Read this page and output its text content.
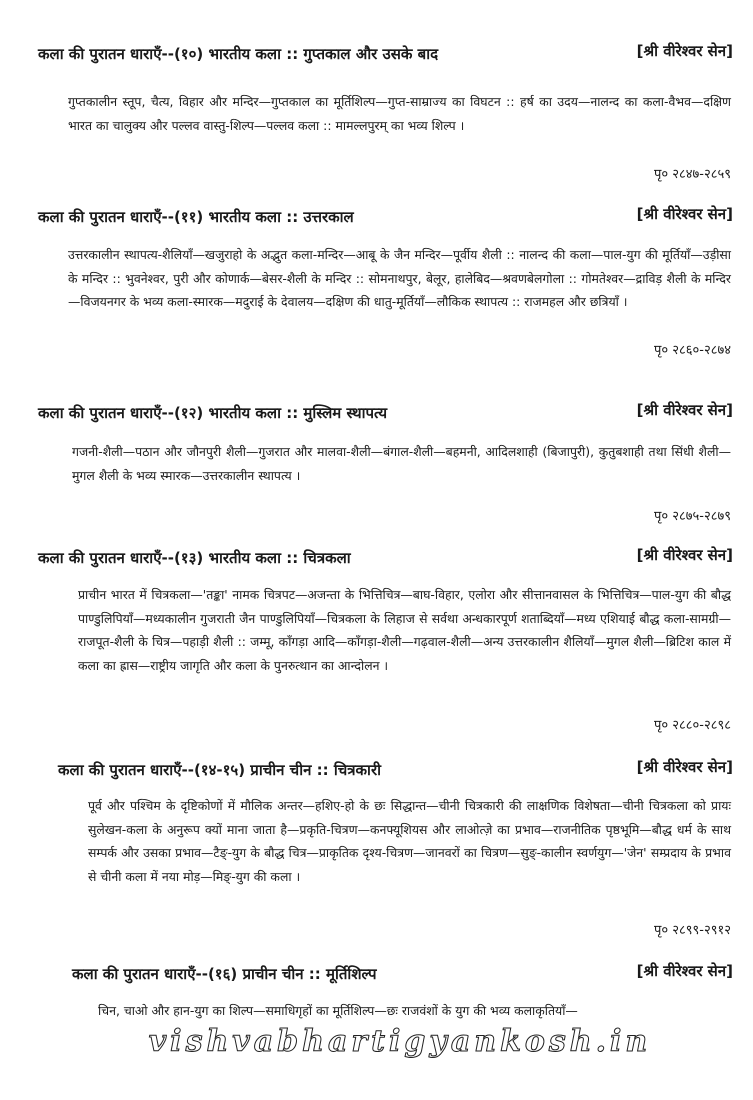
कला की पुरातन धाराएँ--(१०) भारतीय कला :: गुप्तकाल और उसके बाद	[श्री वीरेश्वर सेन]
गुप्तकालीन स्तूप, चैत्य, विहार और मन्दिर—गुप्तकाल का मूर्तिशिल्प—गुप्त-साम्राज्य का विघटन :: हर्ष का उदय—नालन्द का कला-वैभव—दक्षिण भारत का चालुक्य और पल्लव वास्तु-शिल्प—पल्लव कला :: मामल्लपुरम् का भव्य शिल्प ।
पृ० २८४७-२८५९
कला की पुरातन धाराएँ--(११) भारतीय कला :: उत्तरकाल	[श्री वीरेश्वर सेन]
उत्तरकालीन स्थापत्य-शैलियाँ—खजुराहो के अद्भुत कला-मन्दिर—आबू के जैन मन्दिर—पूर्वीय शैली :: नालन्द की कला—पाल-युग की मूर्तियाँ—उड़ीसा के मन्दिर :: भुवनेश्वर, पुरी और कोणार्क—बेसर-शैली के मन्दिर :: सोमनाथपुर, बेलूर, हालेबिद—श्रवणबेलगोला :: गोमतेश्वर—द्राविड़ शैली के मन्दिर—विजयनगर के भव्य कला-स्मारक—मदुराई के देवालय—दक्षिण की धातु-मूर्तियाँ—लौकिक स्थापत्य :: राजमहल और छत्रियाँ ।
पृ० २८६०-२८७४
कला की पुरातन धाराएँ--(१२) भारतीय कला :: मुस्लिम स्थापत्य	[श्री वीरेश्वर सेन]
गजनी-शैली—पठान और जौनपुरी शैली—गुजरात और मालवा-शैली—बंगाल-शैली—बहमनी, आदिलशाही (बिजापुरी), कुतुबशाही तथा सिंधी शैली—मुगल शैली के भव्य स्मारक—उत्तरकालीन स्थापत्य ।
पृ० २८७५-२८७९
कला की पुरातन धाराएँ--(१३) भारतीय कला :: चित्रकला	[श्री वीरेश्वर सेन]
प्राचीन भारत में चित्रकला—'तङ्का' नामक चित्रपट—अजन्ता के भित्तिचित्र—बाघ-विहार, एलोरा और सीत्तानवासल के भित्तिचित्र—पाल-युग की बौद्ध पाण्डुलिपियाँ—मध्यकालीन गुजराती जैन पाण्डुलिपियाँ—चित्रकला के लिहाज से सर्वथा अन्धकारपूर्ण शताब्दियाँ—मध्य एशियाई बौद्ध कला-सामग्री—राजपूत-शैली के चित्र—पहाड़ी शैली :: जम्मू, काँगड़ा आदि—काँगड़ा-शैली—गढ़वाल-शैली—अन्य उत्तरकालीन शैलियाँ—मुगल शैली—ब्रिटिश काल में कला का ह्रास—राष्ट्रीय जागृति और कला के पुनरुत्थान का आन्दोलन ।
पृ० २८८०-२८९८
कला की पुरातन धाराएँ--(१४-१५) प्राचीन चीन :: चित्रकारी	[श्री वीरेश्वर सेन]
पूर्व और पश्चिम के दृष्टिकोणों में मौलिक अन्तर—हशिए-हो के छः सिद्धान्त—चीनी चित्रकारी की लाक्षणिक विशेषता—चीनी चित्रकला को प्रायः सुलेखन-कला के अनुरूप क्यों माना जाता है—प्रकृति-चित्रण—कनफ्यूशियस और लाओत्ज़े का प्रभाव—राजनीतिक पृष्ठभूमि—बौद्ध धर्म के साथ सम्पर्क और उसका प्रभाव—टैङ्-युग के बौद्ध चित्र—प्राकृतिक दृश्य-चित्रण—जानवरों का चित्रण—सुङ्-कालीन स्वर्णयुग—'जेन' सम्प्रदाय के प्रभाव से चीनी कला में नया मोड़—मिङ्-युग की कला ।
पृ० २८९९-२९१२
कला की पुरातन धाराएँ--(१६) प्राचीन चीन :: मूर्तिशिल्प	[श्री वीरेश्वर सेन]
चिन, चाओ और हान-युग का शिल्प—समाधिगृहों का मूर्तिशिल्प—छः राजवंशों के युग की भव्य कलाकृतियाँ—
vishvabhartigyankosh.in
